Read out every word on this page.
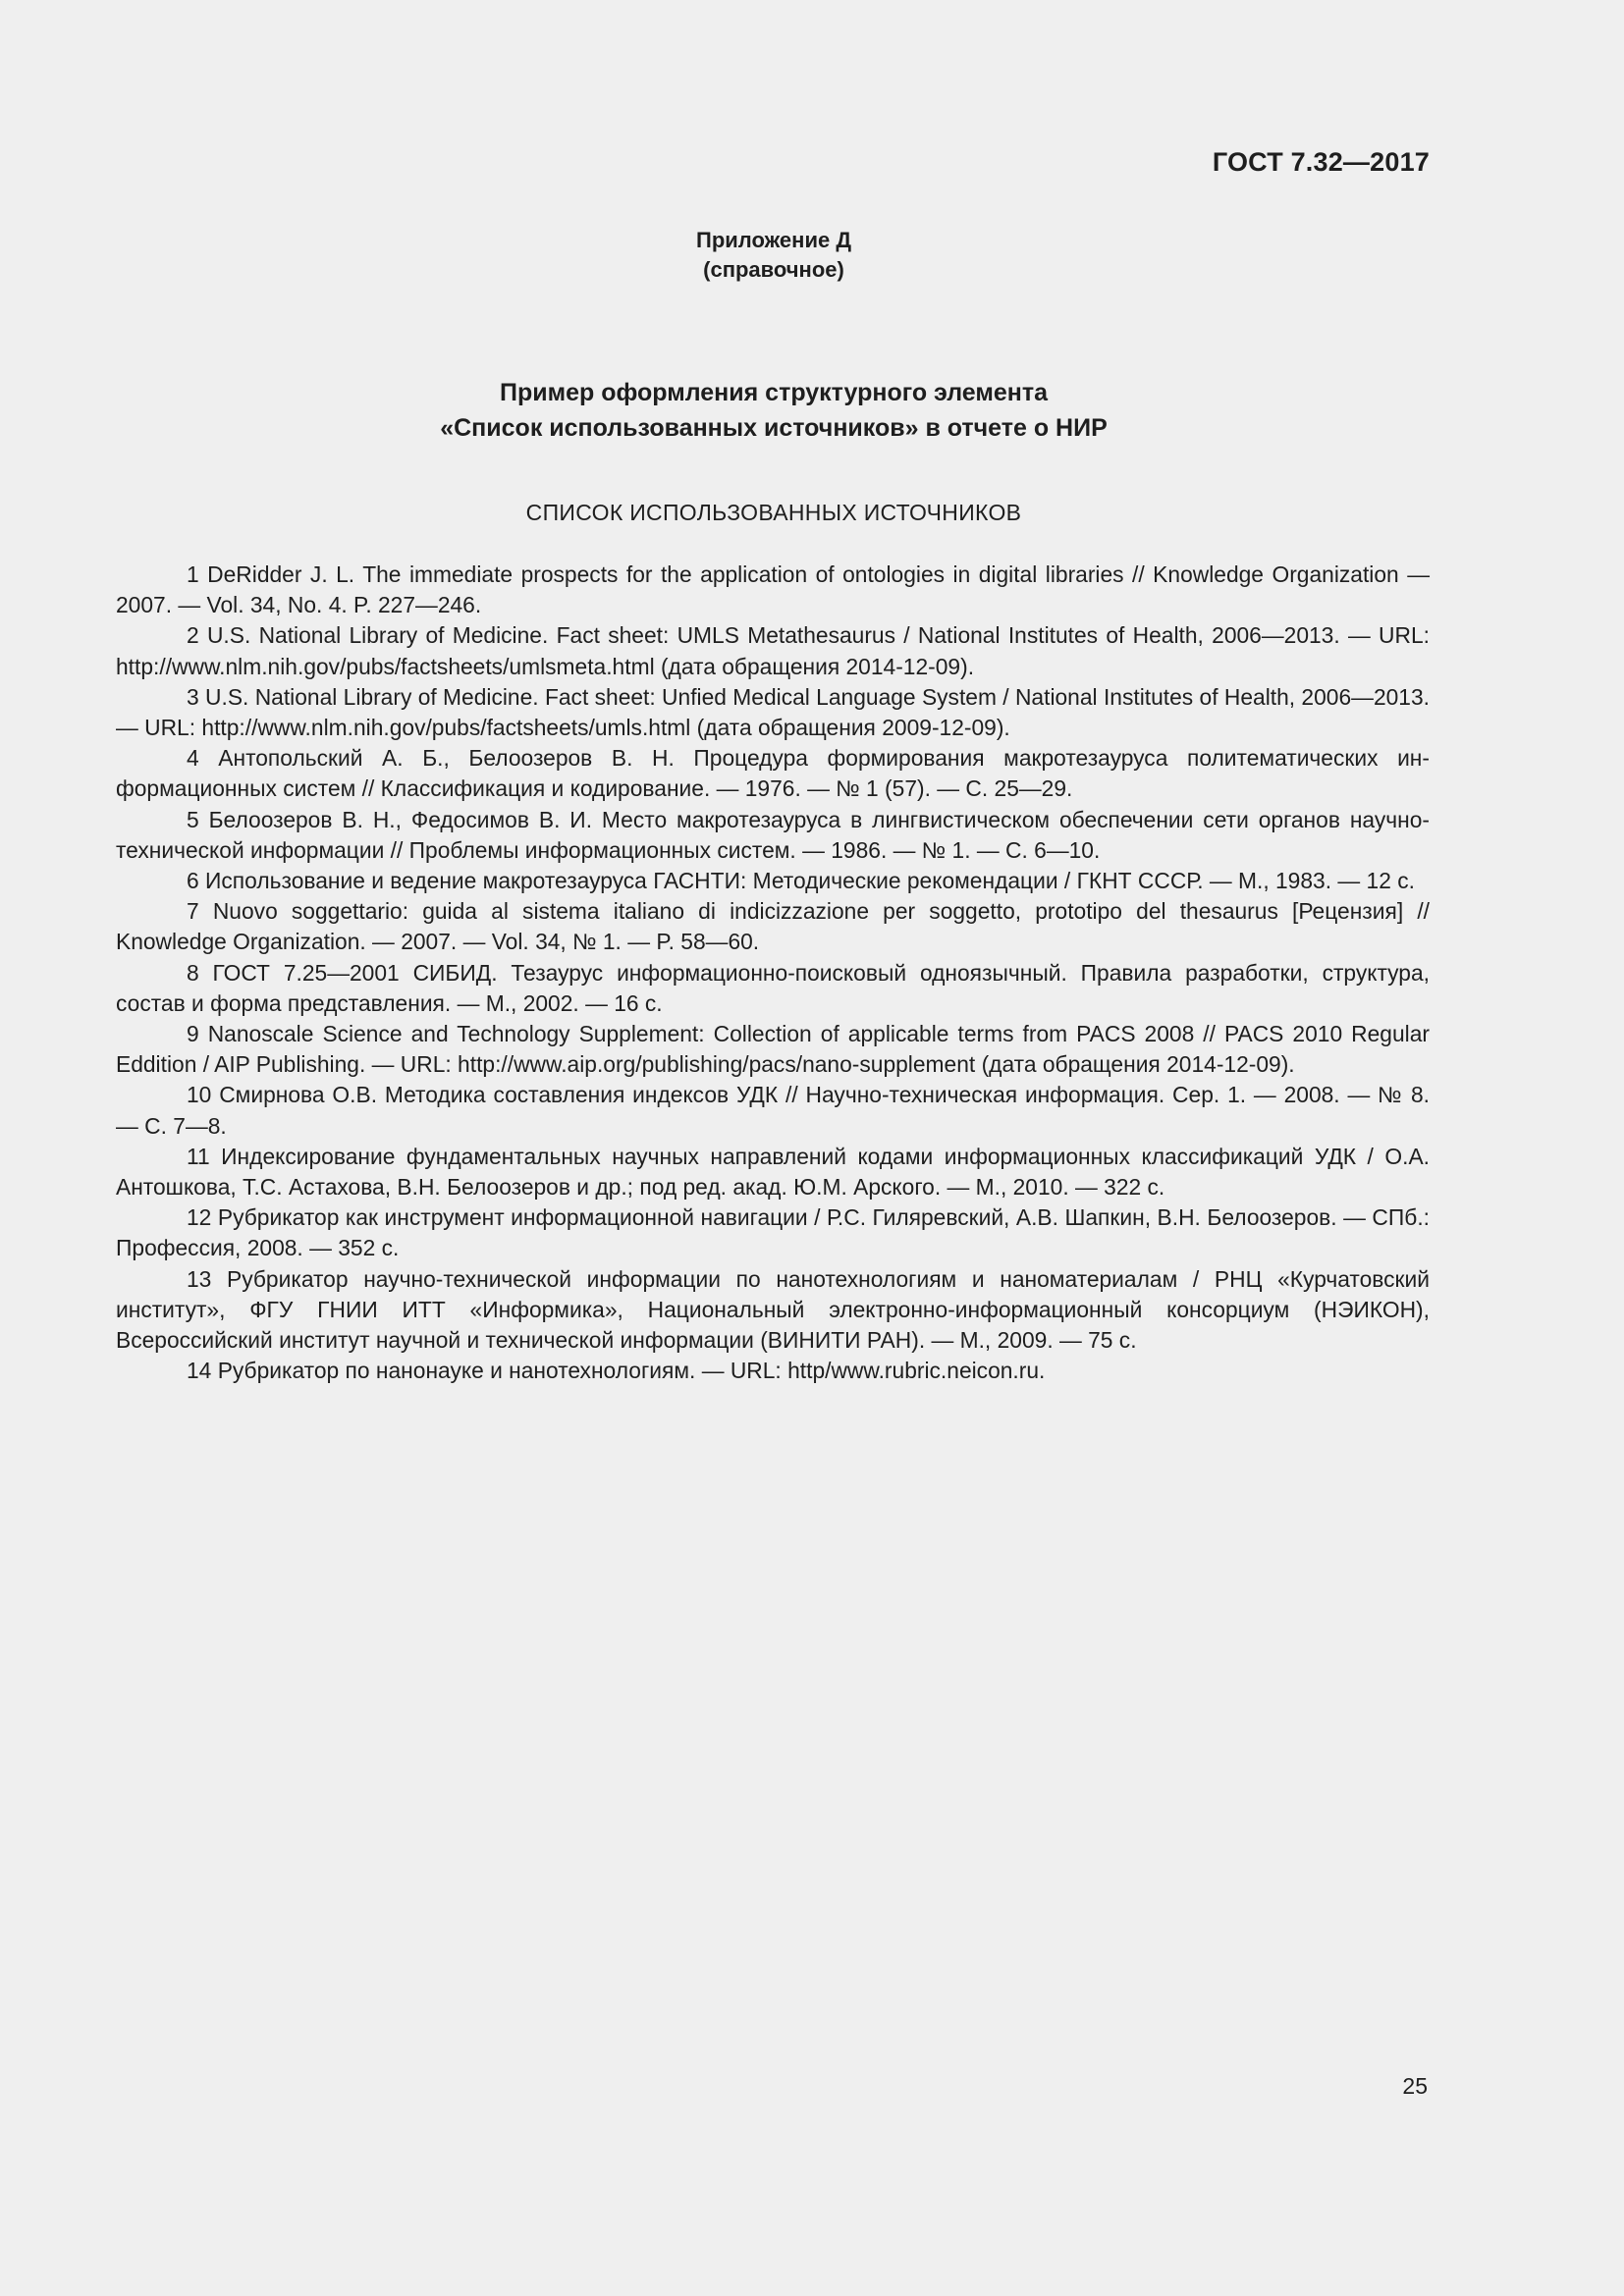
ГОСТ 7.32—2017
Приложение Д
(справочное)
Пример оформления структурного элемента
«Список использованных источников» в отчете о НИР
СПИСОК ИСПОЛЬЗОВАННЫХ ИСТОЧНИКОВ

1 DeRidder J. L. The immediate prospects for the application of ontologies in digital libraries // Knowledge Organization — 2007. — Vol. 34, No. 4. P. 227—246.

2 U.S. National Library of Medicine. Fact sheet: UMLS Metathesaurus / National Institutes of Health, 2006—2013. — URL: http://www.nlm.nih.gov/pubs/factsheets/umlsmeta.html (дата обращения 2014-12-09).

3 U.S. National Library of Medicine. Fact sheet: Unfied Medical Language System / National Institutes of Health, 2006—2013. — URL: http://www.nlm.nih.gov/pubs/factsheets/umls.html (дата обращения 2009-12-09).

4 Антопольский А. Б., Белоозеров В. Н. Процедура формирования макротезауруса политематических информационных систем // Классификация и кодирование. — 1976. — № 1 (57). — С. 25—29.

5 Белоозеров В. Н., Федосимов В. И. Место макротезауруса в лингвистическом обеспечении сети органов научно-технической информации // Проблемы информационных систем. — 1986. — № 1. — С. 6—10.

6 Использование и ведение макротезауруса ГАСНТИ: Методические рекомендации / ГКНТ СССР. — М., 1983. — 12 с.

7 Nuovo soggettario: guida al sistema italiano di indicizzazione per soggetto, prototipo del thesaurus [Рецензия] // Knowledge Organization. — 2007. — Vol. 34, № 1. — P. 58—60.

8 ГОСТ 7.25—2001 СИБИД. Тезаурус информационно-поисковый одноязычный. Правила разработки, структура, состав и форма представления. — М., 2002. — 16 с.

9 Nanoscale Science and Technology Supplement: Collection of applicable terms from PACS 2008 // PACS 2010 Regular Eddition / AIP Publishing. — URL: http://www.aip.org/publishing/pacs/nano-supplement (дата обращения 2014-12-09).

10 Смирнова О.В. Методика составления индексов УДК // Научно-техническая информация. Сер. 1. — 2008. — № 8. — С. 7—8.

11 Индексирование фундаментальных научных направлений кодами информационных классификаций УДК / О.А. Антошкова, Т.С. Астахова, В.Н. Белоозеров и др.; под ред. акад. Ю.М. Арского. — М., 2010. — 322 с.

12 Рубрикатор как инструмент информационной навигации / Р.С. Гиляревский, А.В. Шапкин, В.Н. Белоозеров. — СПб.: Профессия, 2008. — 352 с.

13 Рубрикатор научно-технической информации по нанотехнологиям и наноматериалам / РНЦ «Курчатовский институт», ФГУ ГНИИ ИТТ «Информика», Национальный электронно-информационный консорциум (НЭИКОН), Всероссийский институт научной и технической информации (ВИНИТИ РАН). — М., 2009. — 75 с.

14 Рубрикатор по нанонауке и нанотехнологиям. — URL: http/www.rubric.neicon.ru.

25
